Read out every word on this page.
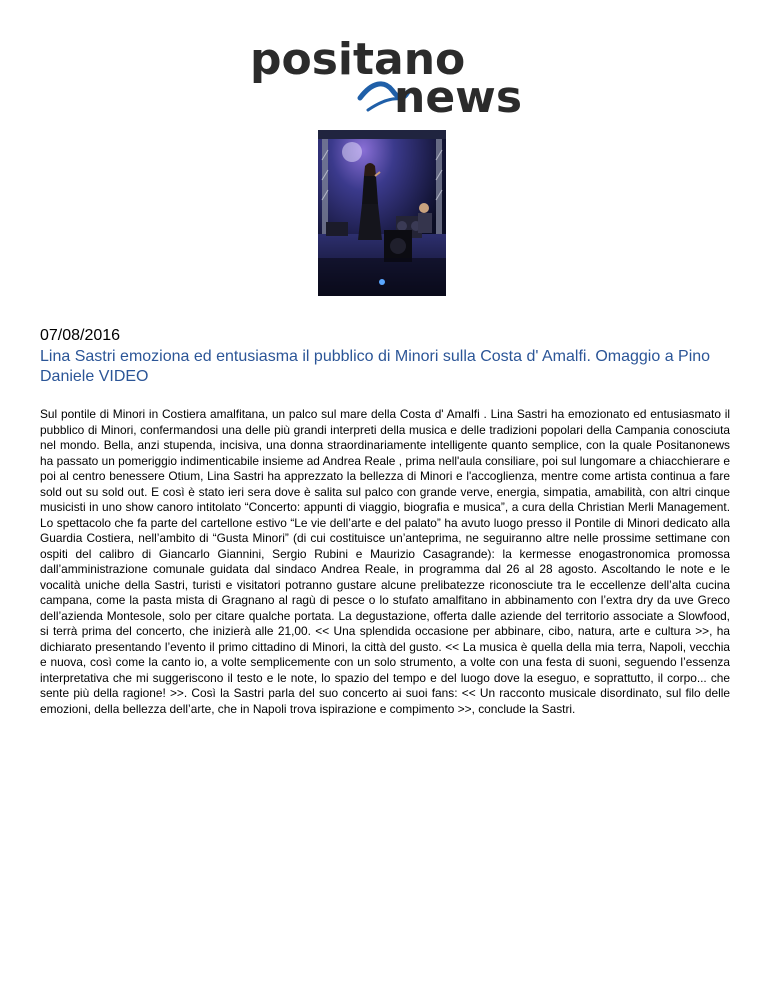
positano
news

07/08/2016

Lina Sastri emoziona ed entusiasma il pubblico di Minori sulla Costa d' Amalfi. Omaggio a Pino Daniele VIDEO

Sul pontile di Minori in Costiera amalfitana, un palco sul mare della Costa d' Amalfi . Lina Sastri ha emozionato ed entusiasmato il pubblico di Minori, confermandosi una delle più grandi interpreti della musica e delle tradizioni popolari della Campania conosciuta nel mondo. Bella, anzi stupenda, incisiva, una donna straordinariamente intelligente quanto semplice, con la quale Positanonews ha passato un pomeriggio indimenticabile insieme ad Andrea Reale , prima nell'aula consiliare, poi sul lungomare a chiacchierare e poi al centro benessere Otium, Lina Sastri ha apprezzato la bellezza di Minori e l'accoglienza, mentre come artista continua a fare sold out su sold out. E così è stato ieri sera dove è salita sul palco con grande verve, energia, simpatia, amabilità, con altri cinque musicisti in uno show canoro intitolato “Concerto: appunti di viaggio, biografia e musica”, a cura della Christian Merli Management. Lo spettacolo che fa parte del cartellone estivo “Le vie dell’arte e del palato” ha avuto luogo presso il Pontile di Minori dedicato alla Guardia Costiera, nell’ambito di “Gusta Minori” (di cui costituisce un’anteprima, ne seguiranno altre nelle prossime settimane con ospiti del calibro di Giancarlo Giannini, Sergio Rubini e Maurizio Casagrande): la kermesse enogastronomica promossa dall’amministrazione comunale guidata dal sindaco Andrea Reale, in programma dal 26 al 28 agosto. Ascoltando le note e le vocalità uniche della Sastri, turisti e visitatori potranno gustare alcune prelibatezze riconosciute tra le eccellenze dell’alta cucina campana, come la pasta mista di Gragnano al ragù di pesce o lo stufato amalfitano in abbinamento con l’extra dry da uve Greco dell’azienda Montesole, solo per citare qualche portata. La degustazione, offerta dalle aziende del territorio associate a Slowfood, si terrà prima del concerto, che inizierà alle 21,00. << Una splendida occasione per abbinare, cibo, natura, arte e cultura >>, ha dichiarato presentando l’evento il primo cittadino di Minori, la città del gusto. << La musica è quella della mia terra, Napoli, vecchia e nuova, così come la canto io, a volte semplicemente con un solo strumento, a volte con una festa di suoni, seguendo l’essenza interpretativa che mi suggeriscono il testo e le note, lo spazio del tempo e del luogo dove la eseguo, e soprattutto, il corpo... che sente più della ragione! >>. Così la Sastri parla del suo concerto ai suoi fans: << Un racconto musicale disordinato, sul filo delle emozioni, della bellezza dell’arte, che in Napoli trova ispirazione e compimento >>, conclude la Sastri.
